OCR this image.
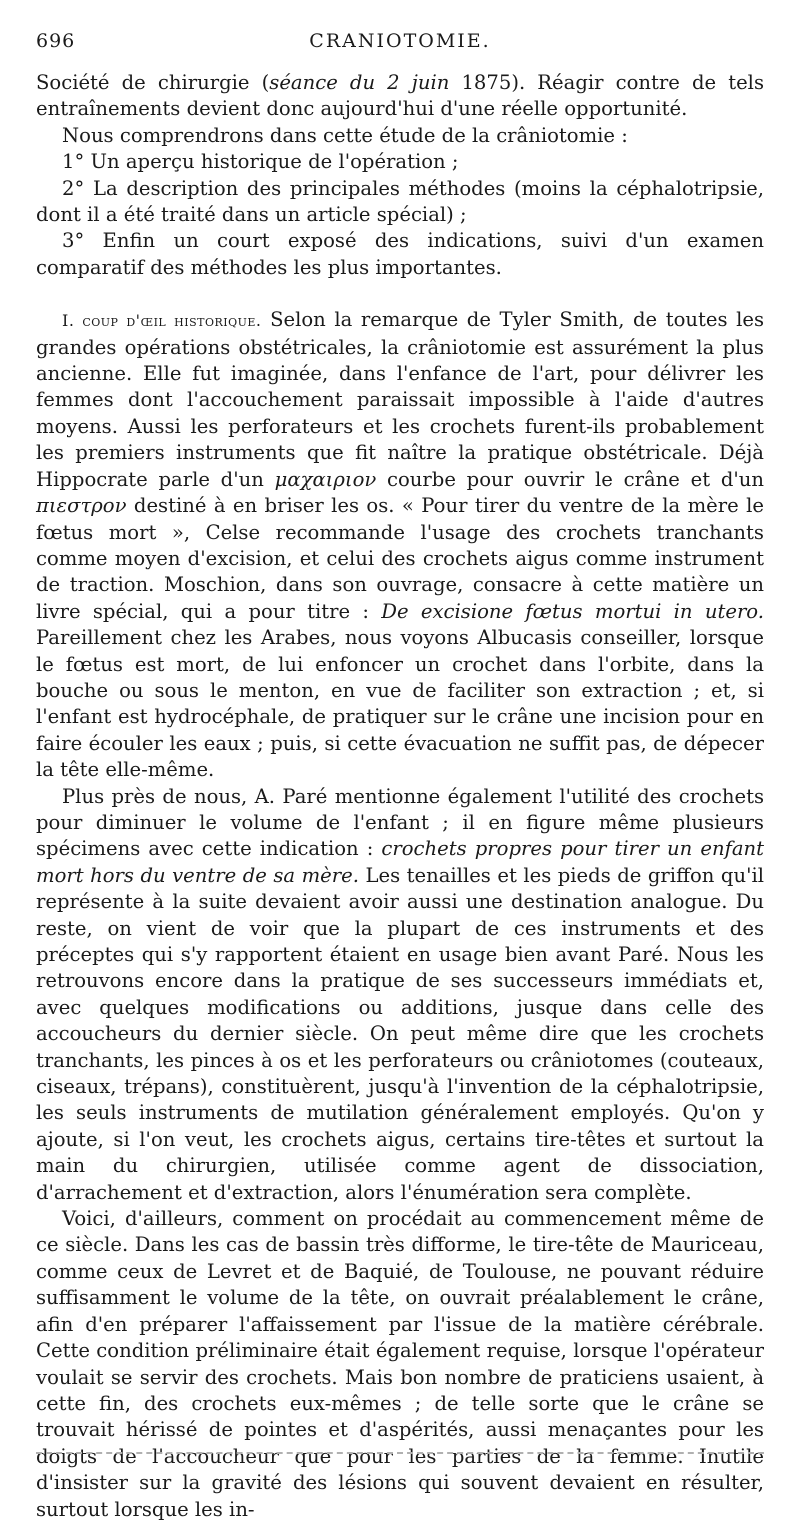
696	CRANIOTOMIE.

Société de chirurgie (séance du 2 juin 1875). Réagir contre de tels entraînements devient donc aujourd'hui d'une réelle opportunité.

Nous comprendrons dans cette étude de la crâniotomie :

1° Un aperçu historique de l'opération ;

2° La description des principales méthodes (moins la céphalotripsie, dont il a été traité dans un article spécial) ;

3° Enfin un court exposé des indications, suivi d'un examen comparatif des méthodes les plus importantes.

I. coup d'œil historique. Selon la remarque de Tyler Smith, de toutes les grandes opérations obstétricales, la crâniotomie est assurément la plus ancienne. Elle fut imaginée, dans l'enfance de l'art, pour délivrer les femmes dont l'accouchement paraissait impossible à l'aide d'autres moyens. Aussi les perforateurs et les crochets furent-ils probablement les premiers instruments que fit naître la pratique obstétricale. Déjà Hippocrate parle d'un μαχαιριον courbe pour ouvrir le crâne et d'un πιεστρον destiné à en briser les os. « Pour tirer du ventre de la mère le fœtus mort », Celse recommande l'usage des crochets tranchants comme moyen d'excision, et celui des crochets aigus comme instrument de traction. Moschion, dans son ouvrage, consacre à cette matière un livre spécial, qui a pour titre : De excisione fœtus mortui in utero. Pareillement chez les Arabes, nous voyons Albucasis conseiller, lorsque le fœtus est mort, de lui enfoncer un crochet dans l'orbite, dans la bouche ou sous le menton, en vue de faciliter son extraction ; et, si l'enfant est hydrocéphale, de pratiquer sur le crâne une incision pour en faire écouler les eaux ; puis, si cette évacuation ne suffit pas, de dépecer la tête elle-même.

Plus près de nous, A. Paré mentionne également l'utilité des crochets pour diminuer le volume de l'enfant ; il en figure même plusieurs spécimens avec cette indication : crochets propres pour tirer un enfant mort hors du ventre de sa mère. Les tenailles et les pieds de griffon qu'il représente à la suite devaient avoir aussi une destination analogue. Du reste, on vient de voir que la plupart de ces instruments et des préceptes qui s'y rapportent étaient en usage bien avant Paré. Nous les retrouvons encore dans la pratique de ses successeurs immédiats et, avec quelques modifications ou additions, jusque dans celle des accoucheurs du dernier siècle. On peut même dire que les crochets tranchants, les pinces à os et les perforateurs ou crâniotomes (couteaux, ciseaux, trépans), constituèrent, jusqu'à l'invention de la céphalotripsie, les seuls instruments de mutilation généralement employés. Qu'on y ajoute, si l'on veut, les crochets aigus, certains tire-têtes et surtout la main du chirurgien, utilisée comme agent de dissociation, d'arrachement et d'extraction, alors l'énumération sera complète.

Voici, d'ailleurs, comment on procédait au commencement même de ce siècle. Dans les cas de bassin très difforme, le tire-tête de Mauriceau, comme ceux de Levret et de Baquié, de Toulouse, ne pouvant réduire suffisamment le volume de la tête, on ouvrait préalablement le crâne, afin d'en préparer l'affaissement par l'issue de la matière cérébrale. Cette condition préliminaire était également requise, lorsque l'opérateur voulait se servir des crochets. Mais bon nombre de praticiens usaient, à cette fin, des crochets eux-mêmes ; de telle sorte que le crâne se trouvait hérissé de pointes et d'aspérités, aussi menaçantes pour les doigts de l'accoucheur que pour les parties de la femme. Inutile d'insister sur la gravité des lésions qui souvent devaient en résulter, surtout lorsque les in-
